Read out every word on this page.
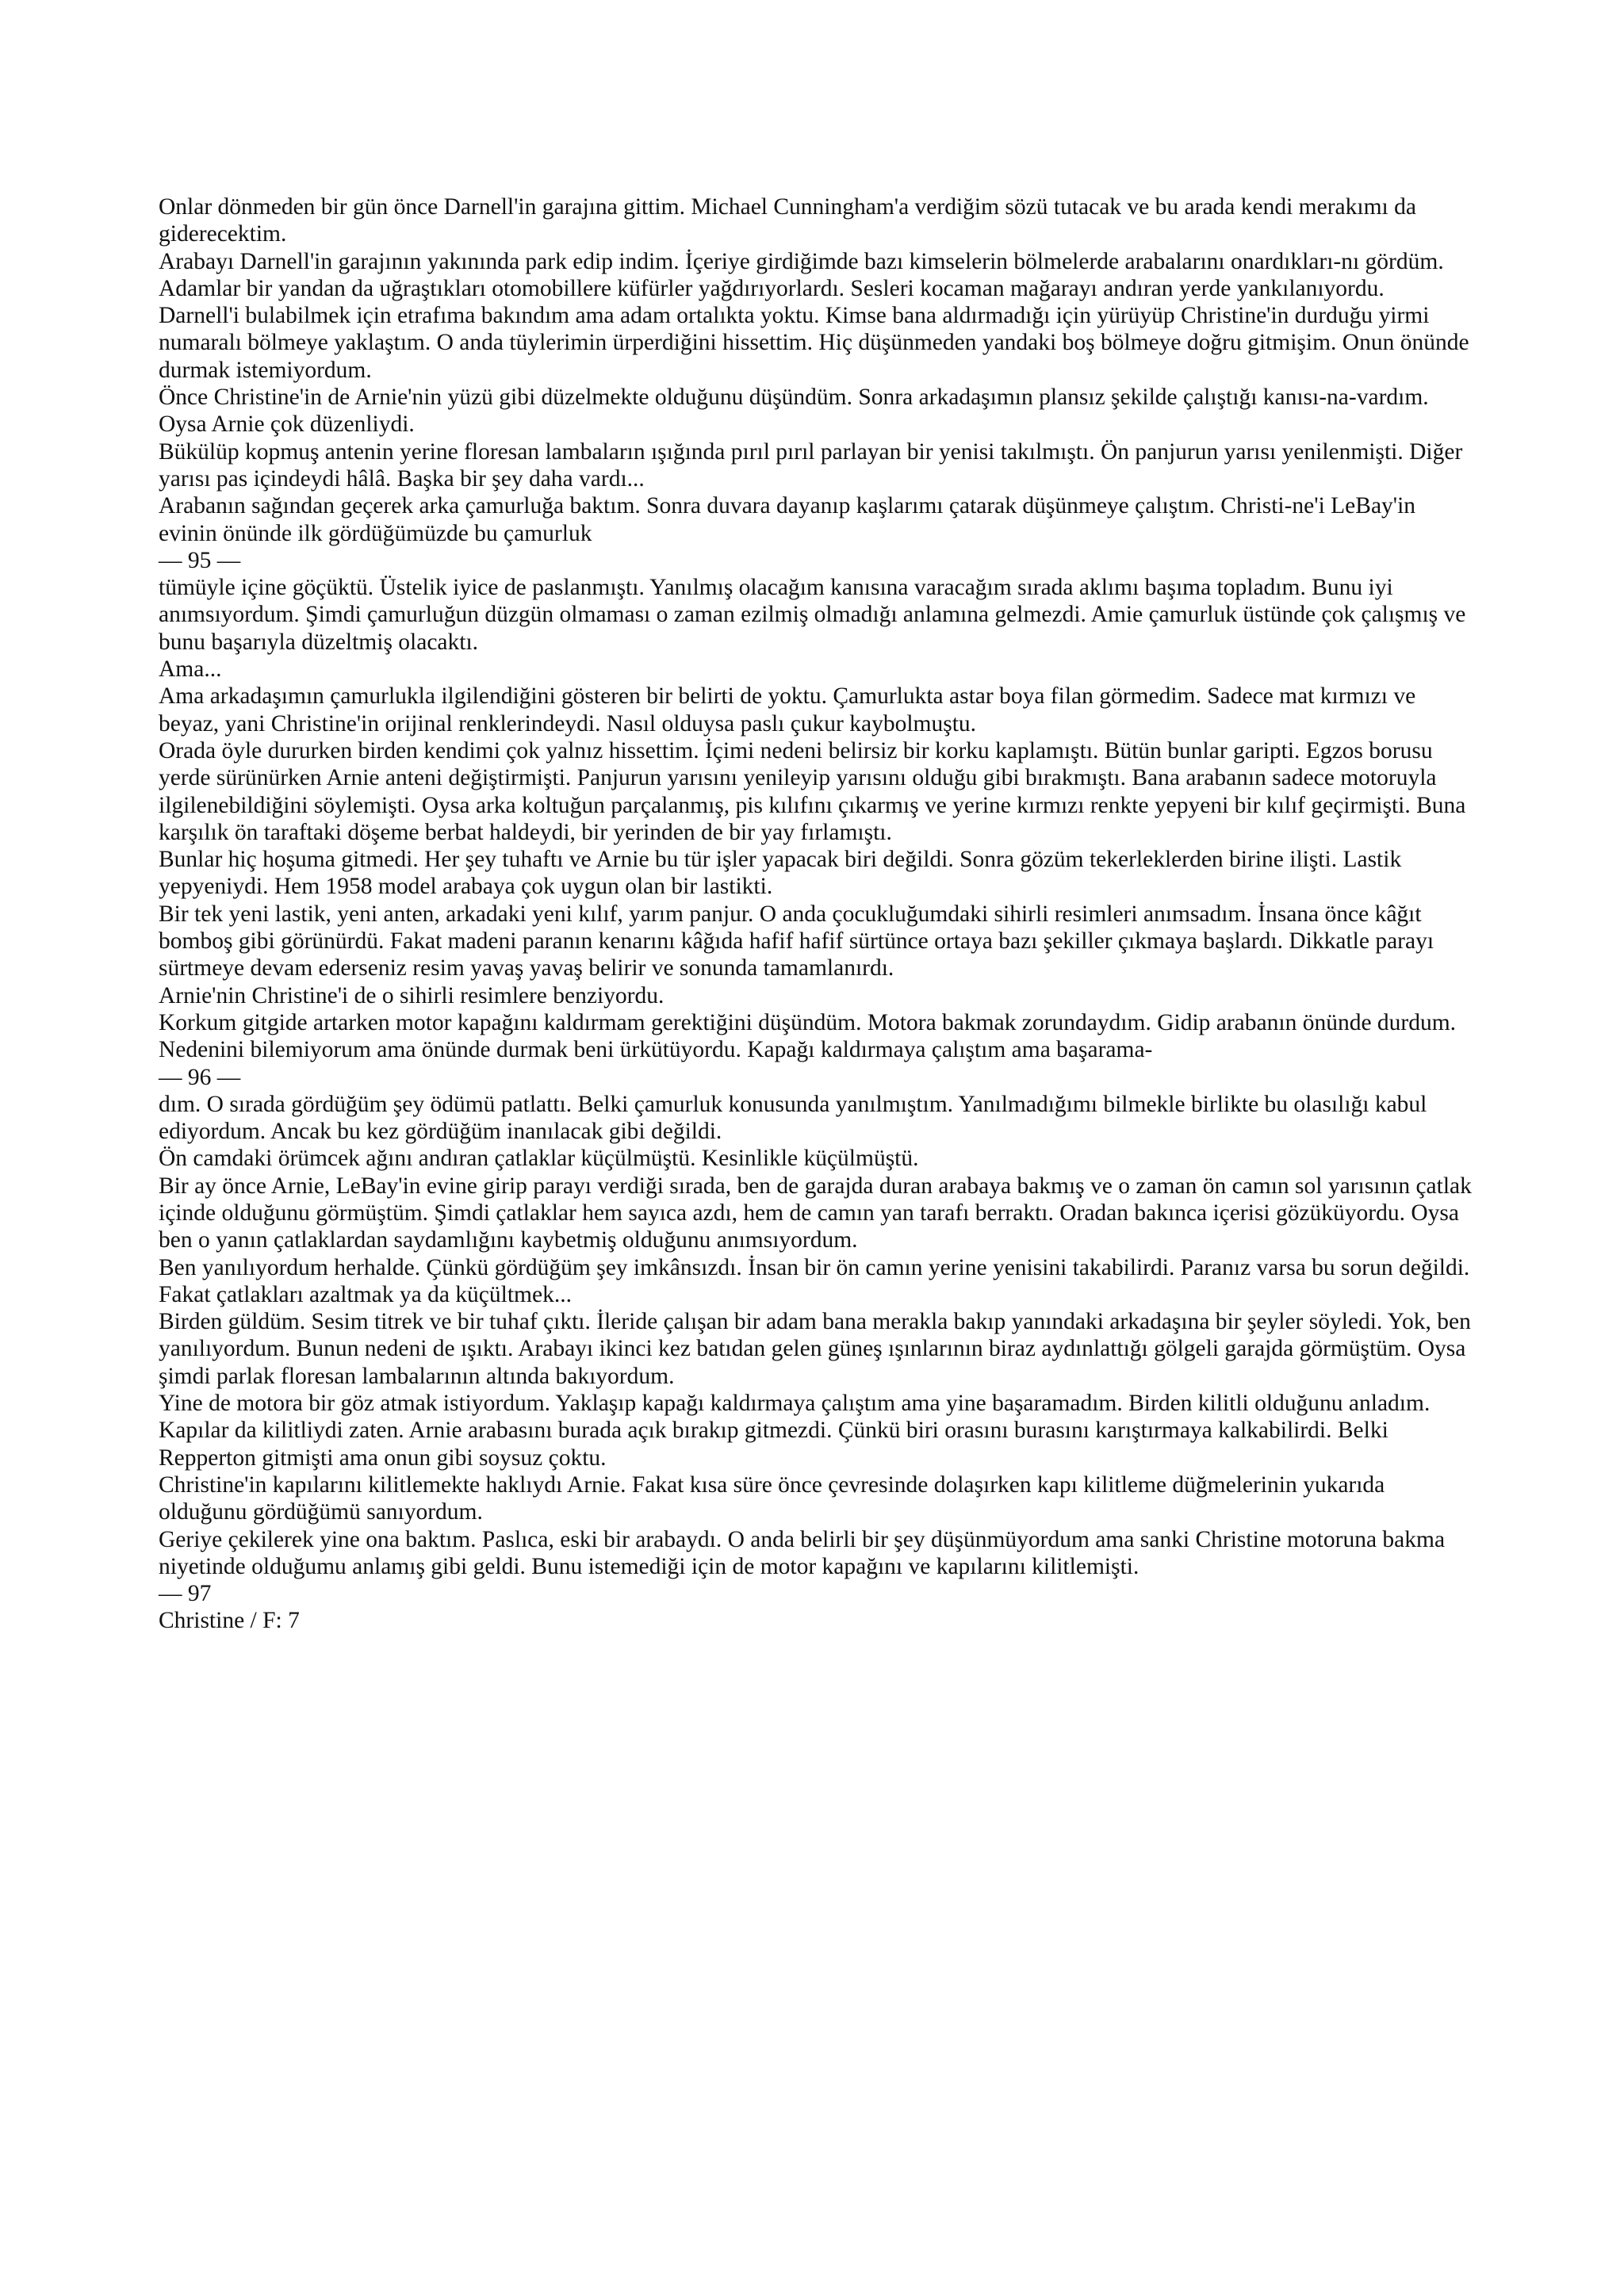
Onlar dönmeden bir gün önce Darnell'in garajına gittim. Michael Cunningham'a verdiğim sözü tutacak ve bu arada kendi merakımı da giderecektim.

Arabayı Darnell'in garajının yakınında park edip indim. İçeriye girdiğimde bazı kimselerin bölmelerde arabalarını onardıkları-nı gördüm. Adamlar bir yandan da uğraştıkları otomobillere küfürler yağdırıyorlardı. Sesleri kocaman mağarayı andıran yerde yankılanıyordu.

Darnell'i bulabilmek için etrafıma bakındım ama adam ortalıkta yoktu. Kimse bana aldırmadığı için yürüyüp Christine'in durduğu yirmi numaralı bölmeye yaklaştım. O anda tüylerimin ürperdiğini hissettim. Hiç düşünmeden yandaki boş bölmeye doğru gitmişim. Onun önünde durmak istemiyordum.

Önce Christine'in de Arnie'nin yüzü gibi düzelmekte olduğunu düşündüm. Sonra arkadaşımın plansız şekilde çalıştığı kanısı-na-vardım. Oysa Arnie çok düzenliydi.

Bükülüp kopmuş antenin yerine floresan lambaların ışığında pırıl pırıl parlayan bir yenisi takılmıştı. Ön panjurun yarısı yenilenmişti. Diğer yarısı pas içindeydi hâlâ. Başka bir şey daha vardı...

Arabanın sağından geçerek arka çamurluğa baktım. Sonra duvara dayanıp kaşlarımı çatarak düşünmeye çalıştım. Christi-ne'i LeBay'in evinin önünde ilk gördüğümüzde bu çamurluk

— 95 —

tümüyle içine göçüktü. Üstelik iyice de paslanmıştı. Yanılmış olacağım kanısına varacağım sırada aklımı başıma topladım. Bunu iyi anımsıyordum. Şimdi çamurluğun düzgün olmaması o zaman ezilmiş olmadığı anlamına gelmezdi. Amie çamurluk üstünde çok çalışmış ve bunu başarıyla düzeltmiş olacaktı.

Ama...

Ama arkadaşımın çamurlukla ilgilendiğini gösteren bir belirti de yoktu. Çamurlukta astar boya filan görmedim. Sadece mat kırmızı ve beyaz, yani Christine'in orijinal renklerindeydi. Nasıl olduysa paslı çukur kaybolmuştu.

Orada öyle dururken birden kendimi çok yalnız hissettim. İçimi nedeni belirsiz bir korku kaplamıştı. Bütün bunlar garipti. Egzos borusu yerde sürünürken Arnie anteni değiştirmişti. Panjurun yarısını yenileyip yarısını olduğu gibi bırakmıştı. Bana arabanın sadece motoruyla ilgilenebildiğini söylemişti. Oysa arka koltuğun parçalanmış, pis kılıfını çıkarmış ve yerine kırmızı renkte yepyeni bir kılıf geçirmişti. Buna karşılık ön taraftaki döşeme berbat haldeydi, bir yerinden de bir yay fırlamıştı.

Bunlar hiç hoşuma gitmedi. Her şey tuhaftı ve Arnie bu tür işler yapacak biri değildi. Sonra gözüm tekerleklerden birine ilişti. Lastik yepyeniydi. Hem 1958 model arabaya çok uygun olan bir lastikti.

Bir tek yeni lastik, yeni anten, arkadaki yeni kılıf, yarım panjur. O anda çocukluğumdaki sihirli resimleri anımsadım. İnsana önce kâğıt bomboş gibi görünürdü. Fakat madeni paranın kenarını kâğıda hafif hafif sürtünce ortaya bazı şekiller çıkmaya başlardı. Dikkatle parayı sürtmeye devam ederseniz resim yavaş yavaş belirir ve sonunda tamamlanırdı.

Arnie'nin Christine'i de o sihirli resimlere benziyordu.

Korkum gitgide artarken motor kapağını kaldırmam gerektiğini düşündüm. Motora bakmak zorundaydım. Gidip arabanın önünde durdum. Nedenini bilemiyorum ama önünde durmak beni ürkütüyordu. Kapağı kaldırmaya çalıştım ama başarama-

— 96 —

dım. O sırada gördüğüm şey ödümü patlattı. Belki çamurluk konusunda yanılmıştım. Yanılmadığımı bilmekle birlikte bu olasılığı kabul ediyordum. Ancak bu kez gördüğüm inanılacak gibi değildi.

Ön camdaki örümcek ağını andıran çatlaklar küçülmüştü. Kesinlikle küçülmüştü.

Bir ay önce Arnie, LeBay'in evine girip parayı verdiği sırada, ben de garajda duran arabaya bakmış ve o zaman ön camın sol yarısının çatlak içinde olduğunu görmüştüm. Şimdi çatlaklar hem sayıca azdı, hem de camın yan tarafı berraktı. Oradan bakınca içerisi gözüküyordu. Oysa ben o yanın çatlaklardan saydamlığını kaybetmiş olduğunu anımsıyordum.

Ben yanılıyordum herhalde. Çünkü gördüğüm şey imkânsızdı. İnsan bir ön camın yerine yenisini takabilirdi. Paranız varsa bu sorun değildi. Fakat çatlakları azaltmak ya da küçültmek...

Birden güldüm. Sesim titrek ve bir tuhaf çıktı. İleride çalışan bir adam bana merakla bakıp yanındaki arkadaşına bir şeyler söyledi. Yok, ben yanılıyordum. Bunun nedeni de ışıktı. Arabayı ikinci kez batıdan gelen güneş ışınlarının biraz aydınlattığı gölgeli garajda görmüştüm. Oysa şimdi parlak floresan lambalarının altında bakıyordum.

Yine de motora bir göz atmak istiyordum. Yaklaşıp kapağı kaldırmaya çalıştım ama yine başaramadım. Birden kilitli olduğunu anladım. Kapılar da kilitliydi zaten. Arnie arabasını burada açık bırakıp gitmezdi. Çünkü biri orasını burasını karıştırmaya kalkabilirdi. Belki Repperton gitmişti ama onun gibi soysuz çoktu.

Christine'in kapılarını kilitlemekte haklıydı Arnie. Fakat kısa süre önce çevresinde dolaşırken kapı kilitleme düğmelerinin yukarıda olduğunu gördüğümü sanıyordum.

Geriye çekilerek yine ona baktım. Paslıca, eski bir arabaydı. O anda belirli bir şey düşünmüyordum ama sanki Christine motoruna bakma niyetinde olduğumu anlamış gibi geldi. Bunu istemediği için de motor kapağını ve kapılarını kilitlemişti.

— 97

Christine / F: 7
